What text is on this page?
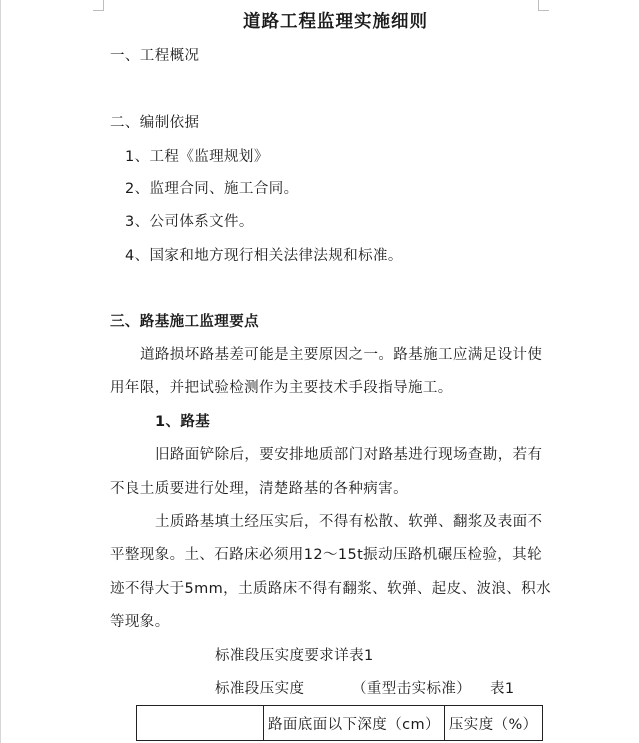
道路工程监理实施细则
一、工程概况
二、编制依据
1、工程《监理规划》
2、监理合同、施工合同。
3、公司体系文件。
4、国家和地方现行相关法律法规和标准。
三、路基施工监理要点
道路损坏路基差可能是主要原因之一。路基施工应满足设计使
用年限，并把试验检测作为主要技术手段指导施工。
1、路基
旧路面铲除后，要安排地质部门对路基进行现场查勘，若有
不良土质要进行处理，清楚路基的各种病害。
土质路基填土经压实后，不得有松散、软弹、翻浆及表面不
平整现象。土、石路床必须用12～15t振动压路机碾压检验，其轮
迹不得大于5mm，土质路床不得有翻浆、软弹、起皮、波浪、积水
等现象。
标准段压实度要求详表1
标准段压实度	（重型击实标准） 表1
	路面底面以下深度（cm）	压实度（%）
